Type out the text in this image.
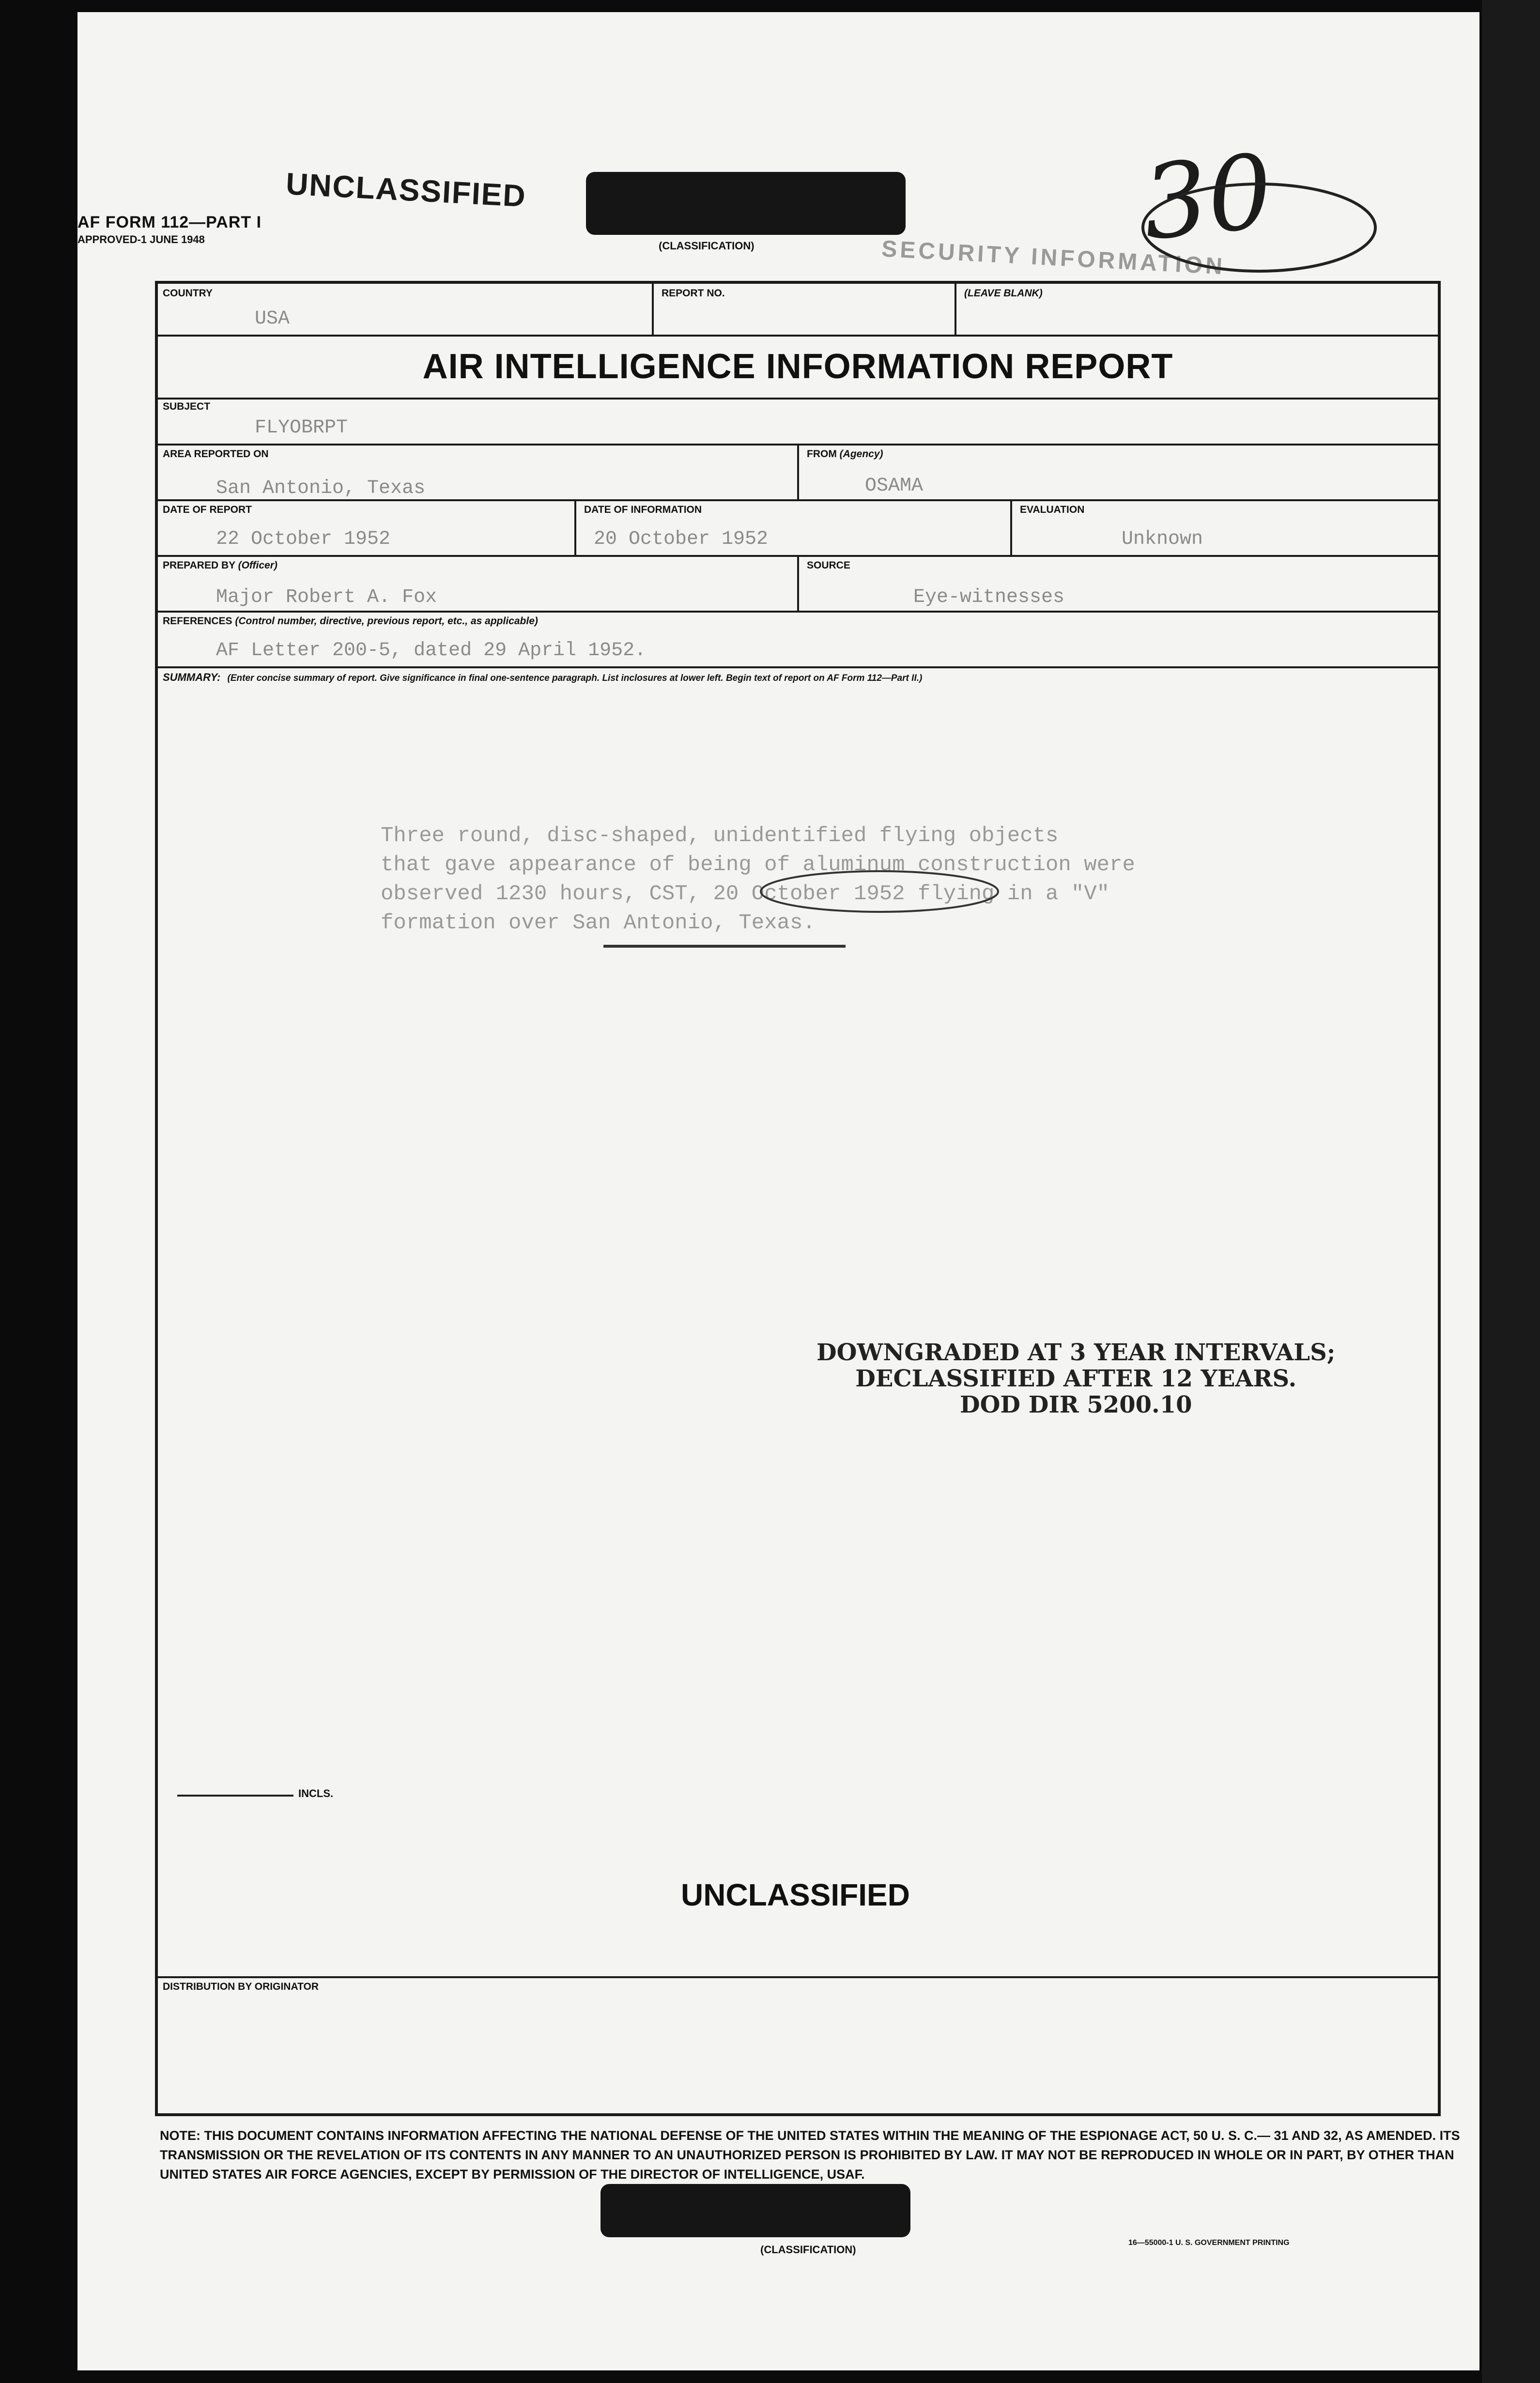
AF FORM 112—PART I
APPROVED-1 JUNE 1948
UNCLASSIFIED
(CLASSIFICATION)	SECURITY INFORMATION
30
COUNTRY
USA
REPORT NO.	(LEAVE BLANK)
AIR INTELLIGENCE INFORMATION REPORT
SUBJECT
FLYOBRPT
AREA REPORTED ON
San Antonio, Texas
FROM (Agency)
OSAMA
DATE OF REPORT
22 October 1952
DATE OF INFORMATION
20 October 1952
EVALUATION
Unknown
PREPARED BY (Officer)
Major Robert A. Fox
SOURCE
Eye-witnesses
REFERENCES (Control number, directive, previous report, etc., as applicable)
AF Letter 200-5, dated 29 April 1952.
SUMMARY: (Enter concise summary of report. Give significance in final one-sentence paragraph. List inclosures at lower left. Begin text of report on AF Form 112—Part II.)
Three round, disc-shaped, unidentified flying objects
that gave appearance of being of aluminum construction were
observed 1230 hours, CST, 20 October 1952 flying in a "V"
formation over San Antonio, Texas.
DOWNGRADED AT 3 YEAR INTERVALS;
DECLASSIFIED AFTER 12 YEARS.
DOD DIR 5200.10
INCLS.
UNCLASSIFIED
DISTRIBUTION BY ORIGINATOR
NOTE: THIS DOCUMENT CONTAINS INFORMATION AFFECTING THE NATIONAL DEFENSE OF THE UNITED STATES WITHIN THE MEANING OF THE ESPIONAGE ACT, 50 U. S. C.— 31 AND 32, AS AMENDED. ITS TRANSMISSION OR THE REVELATION OF ITS CONTENTS IN ANY MANNER TO AN UNAUTHORIZED PERSON IS PROHIBITED BY LAW. IT MAY NOT BE REPRODUCED IN WHOLE OR IN PART, BY OTHER THAN UNITED STATES AIR FORCE AGENCIES, EXCEPT BY PERMISSION OF THE DIRECTOR OF INTELLIGENCE, USAF.
(CLASSIFICATION)
16—55000-1 U. S. GOVERNMENT PRINTING
